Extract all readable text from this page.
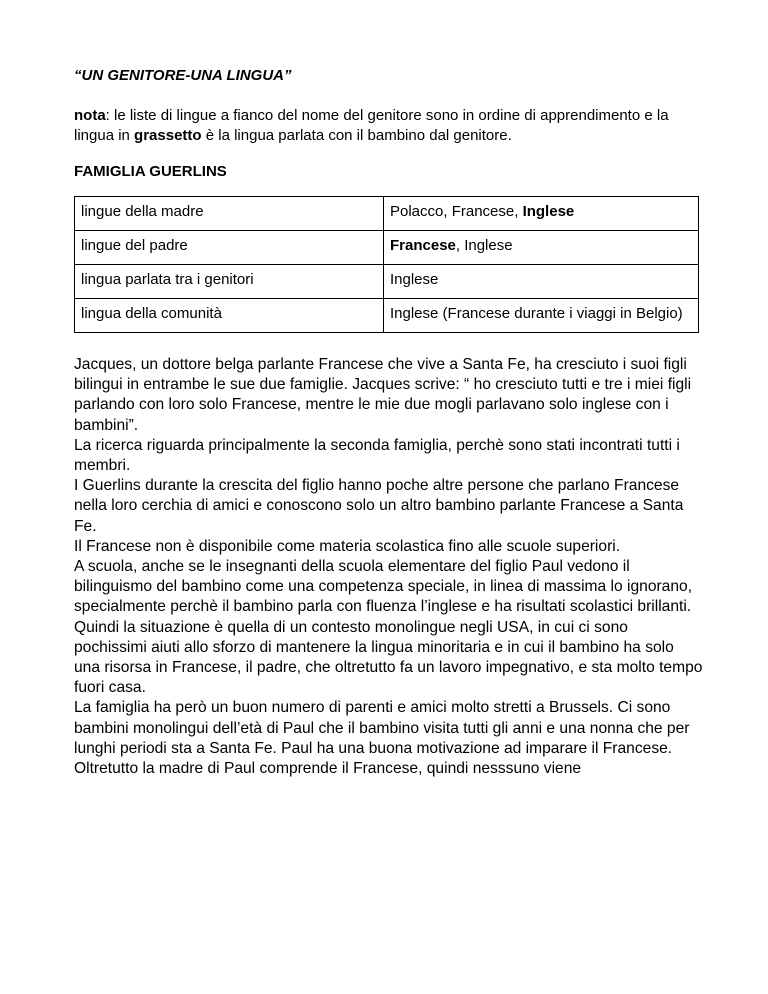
“UN GENITORE-UNA LINGUA”

nota: le liste di lingue a fianco del nome del genitore sono in ordine di apprendimento e la lingua in grassetto è la lingua parlata con il bambino dal genitore.

FAMIGLIA GUERLINS

lingue della madre	Polacco, Francese, Inglese
lingue del padre	Francese, Inglese
lingua parlata tra i genitori	Inglese
lingua della comunità	Inglese (Francese durante i viaggi in Belgio)

Jacques, un dottore belga parlante Francese che vive a Santa Fe, ha cresciuto i suoi figli bilingui in entrambe le sue due famiglie. Jacques scrive: “ ho cresciuto tutti e tre i miei figli parlando con loro solo Francese, mentre le mie due mogli parlavano solo inglese con i bambini”.

La ricerca riguarda principalmente la seconda famiglia, perchè sono stati incontrati tutti i membri.

I Guerlins durante la crescita del figlio hanno poche altre persone che parlano Francese nella loro cerchia di amici e conoscono solo un altro bambino parlante Francese a Santa Fe.

Il Francese non è disponibile come materia scolastica fino alle scuole superiori.

A scuola, anche se le insegnanti della scuola elementare del figlio Paul vedono il bilinguismo del bambino come una competenza speciale, in linea di massima lo ignorano, specialmente perchè il bambino parla con fluenza l’inglese e ha risultati scolastici brillanti.

Quindi la situazione è quella di un contesto monolingue negli USA, in cui ci sono pochissimi aiuti allo sforzo di mantenere la lingua minoritaria e in cui il bambino ha solo una risorsa in Francese, il padre, che oltretutto fa un lavoro impegnativo, e sta molto tempo fuori casa.

La famiglia ha però un buon numero di parenti e amici molto stretti a Brussels. Ci sono bambini monolingui dell’età di Paul che il bambino visita tutti gli anni e una nonna che per lunghi periodi sta a Santa Fe. Paul ha una buona motivazione ad imparare il Francese.

Oltretutto la madre di Paul comprende il Francese, quindi nesssuno viene
